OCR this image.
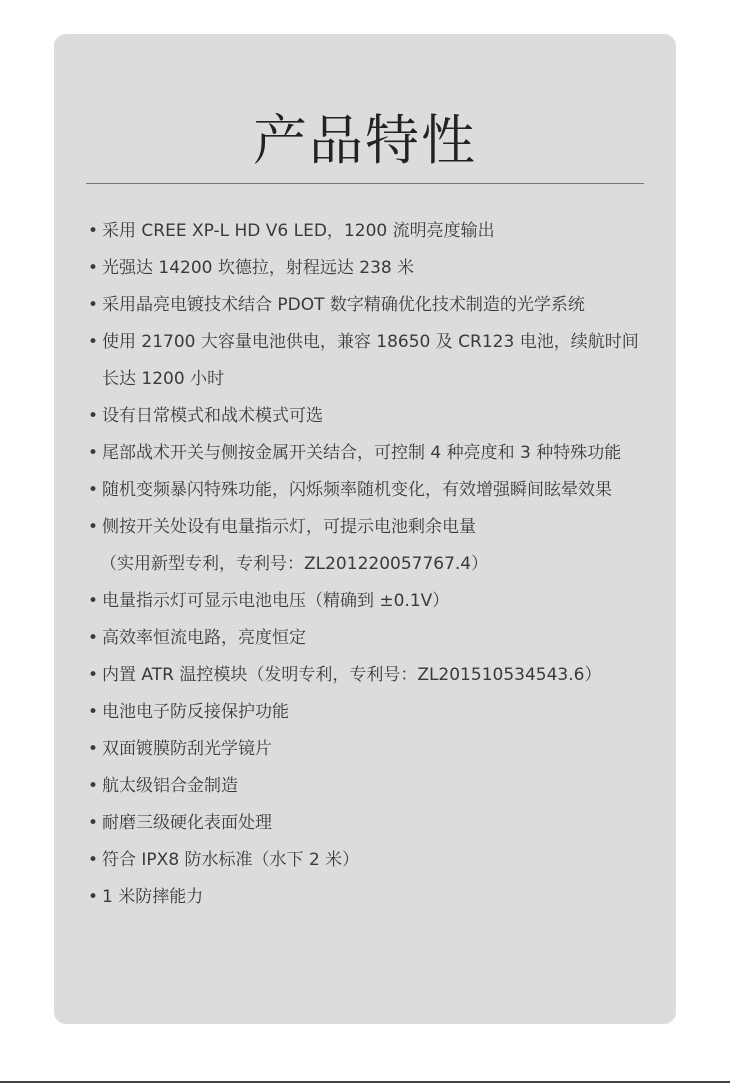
产品特性
• 采用 CREE XP-L HD V6 LED，1200 流明亮度输出
• 光强达 14200 坎德拉，射程远达 238 米
• 采用晶亮电镀技术结合 PDOT 数字精确优化技术制造的光学系统
• 使用 21700 大容量电池供电，兼容 18650 及 CR123 电池，续航时间长达 1200 小时
• 设有日常模式和战术模式可选
• 尾部战术开关与侧按金属开关结合，可控制 4 种亮度和 3 种特殊功能
• 随机变频暴闪特殊功能，闪烁频率随机变化，有效增强瞬间眩晕效果
• 侧按开关处设有电量指示灯，可提示电池剩余电量
（实用新型专利，专利号：ZL201220057767.4）
• 电量指示灯可显示电池电压（精确到 ±0.1V）
• 高效率恒流电路，亮度恒定
• 内置 ATR 温控模块（发明专利，专利号：ZL201510534543.6）
• 电池电子防反接保护功能
• 双面镀膜防刮光学镜片
• 航太级铝合金制造
• 耐磨三级硬化表面处理
• 符合 IPX8 防水标准（水下 2 米）
• 1 米防摔能力
